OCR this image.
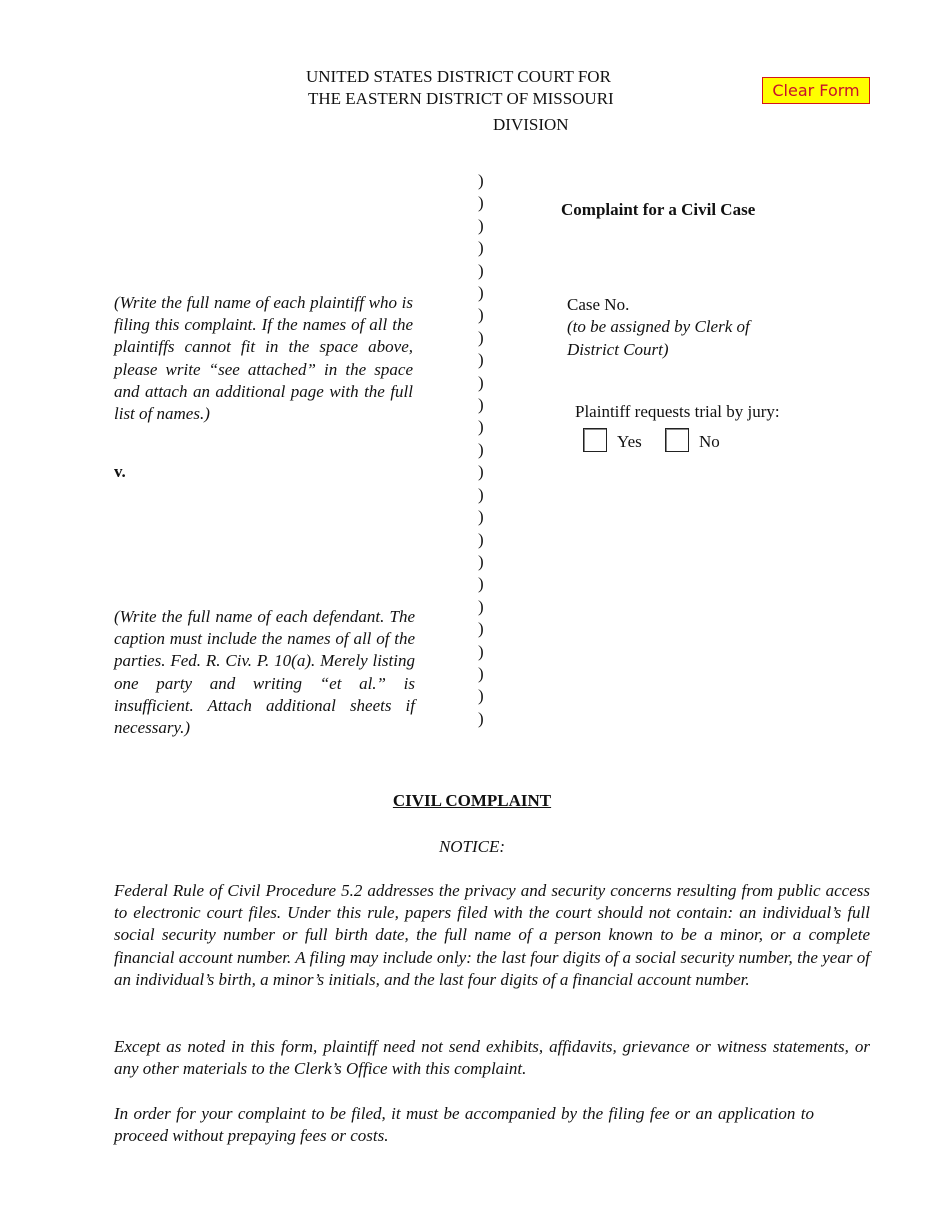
UNITED STATES DISTRICT COURT FOR
THE EASTERN DISTRICT OF MISSOURI
DIVISION
Clear Form
)
)
)
)
)
)
)
)
)
)
)
)
)
)
)
)
)
)
)
)
)
)
)
)
)
(Write the full name of each plaintiff who is filing this complaint. If the names of all the plaintiffs cannot fit in the space above, please write “see attached” in the space and attach an additional page with the full list of names.)
v.
(Write the full name of each defendant. The caption must include the names of all of the parties. Fed. R. Civ. P. 10(a). Merely listing one party and writing “et al.” is insufficient. Attach additional sheets if necessary.)
Complaint for a Civil Case
Case No.
(to be assigned by Clerk of
District Court)
Plaintiff requests trial by jury:
Yes	No
CIVIL COMPLAINT
NOTICE:
Federal Rule of Civil Procedure 5.2 addresses the privacy and security concerns resulting from public access to electronic court files. Under this rule, papers filed with the court should not contain: an individual’s full social security number or full birth date, the full name of a person known to be a minor, or a complete financial account number. A filing may include only: the last four digits of a social security number, the year of an individual’s birth, a minor’s initials, and the last four digits of a financial account number.
Except as noted in this form, plaintiff need not send exhibits, affidavits, grievance or witness statements, or any other materials to the Clerk’s Office with this complaint.
In order for your complaint to be filed, it must be accompanied by the filing fee or an application to proceed without prepaying fees or costs.
